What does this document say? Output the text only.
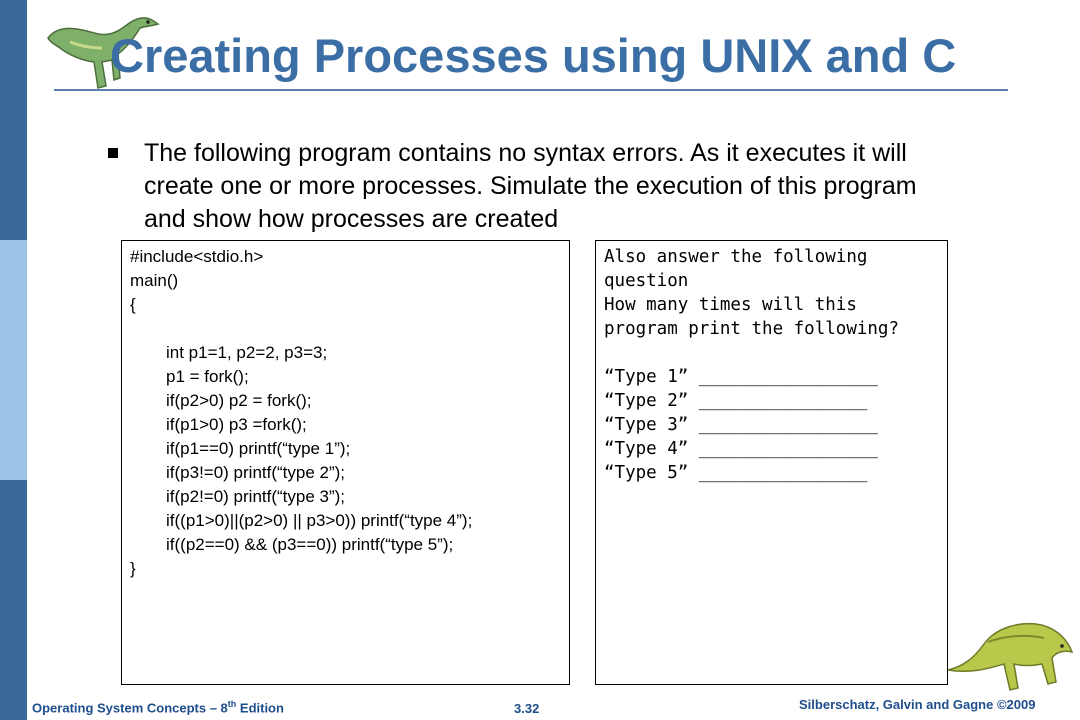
Creating Processes using UNIX and C
The following program contains no syntax errors. As it executes it will
create one or more processes. Simulate the execution of this program
and show how processes are created
#include<stdio.h>
main()
{
int p1=1, p2=2, p3=3;
p1 = fork();
if(p2>0) p2 = fork();
if(p1>0) p3 =fork();
if(p1==0) printf(“type 1”);
if(p3!=0) printf(“type 2”);
if(p2!=0) printf(“type 3”);
if((p1>0)||(p2>0) || p3>0)) printf(“type 4”);
if((p2==0) && (p3==0)) printf(“type 5”);
}
Also answer the following
question
How many times will this
program print the following?
“Type 1” _________________
“Type 2” ________________
“Type 3” _________________
“Type 4” _________________
“Type 5” ________________
Operating System Concepts – 8th Edition	3.32	Silberschatz, Galvin and Gagne ©2009
